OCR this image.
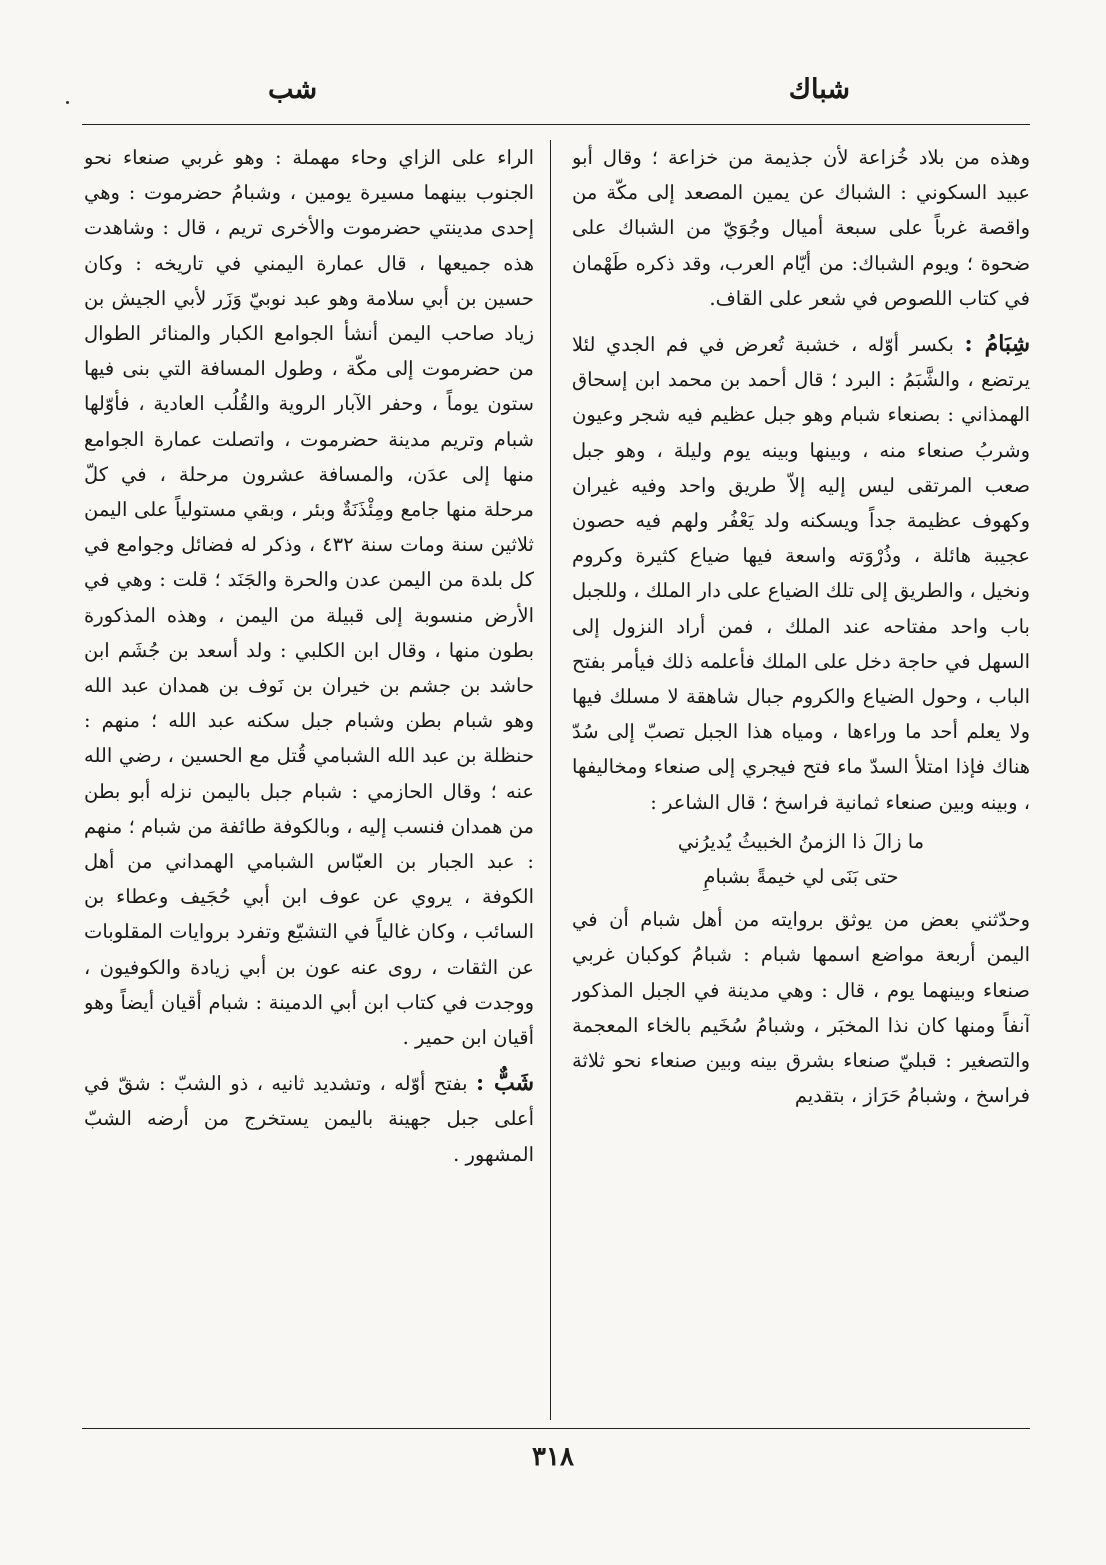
شباك
شب

وهذه من بلاد خُزاعة لأن جذيمة من خزاعة ؛ وقال أبو عبيد السكوني : الشباك عن يمين المصعد إلى مكّة من واقصة غرباً على سبعة أميال وجُوَيّ من الشباك على ضحوة ؛ ويوم الشباك: من أيّام العرب، وقد ذكره طَهْمان في كتاب اللصوص في شعر على القاف.

شِبَامُ : بكسر أوّله ، خشبة تُعرض في فم الجدي لئلا يرتضع ، والشَّبَمُ : البرد ؛ قال أحمد بن محمد ابن إسحاق الهمذاني : بصنعاء شبام وهو جبل عظيم فيه شجر وعيون وشربُ صنعاء منه ، وبينها وبينه يوم وليلة ، وهو جبل صعب المرتقى ليس إليه إلاّ طريق واحد وفيه غيران وكهوف عظيمة جداً ويسكنه ولد يَعْفُر ولهم فيه حصون عجيبة هائلة ، وذُرْوَته واسعة فيها ضياع كثيرة وكروم ونخيل ، والطريق إلى تلك الضياع على دار الملك ، وللجبل باب واحد مفتاحه عند الملك ، فمن أراد النزول إلى السهل في حاجة دخل على الملك فأعلمه ذلك فيأمر بفتح الباب ، وحول الضياع والكروم جبال شاهقة لا مسلك فيها ولا يعلم أحد ما وراءها ، ومياه هذا الجبل تصبّ إلى سُدّ هناك فإذا امتلأ السدّ ماء فتح فيجري إلى صنعاء ومخاليفها ، وبينه وبين صنعاء ثمانية فراسخ ؛ قال الشاعر :

ما زالَ ذا الزمنُ الخبيثُ يُديرُني
حتى بَنَى لي خيمةً بشبامِ

وحدّثني بعض من يوثق بروايته من أهل شبام أن في اليمن أربعة مواضع اسمها شبام : شبامُ كوكبان غربي صنعاء وبينهما يوم ، قال : وهي مدينة في الجبل المذكور آنفاً ومنها كان نذا المخبَر ، وشبامُ سُخَيم بالخاء المعجمة والتصغير : قبليّ صنعاء بشرق بينه وبين صنعاء نحو ثلاثة فراسخ ، وشبامُ حَرَاز ، بتقديم

الراء على الزاي وحاء مهملة : وهو غربي صنعاء نحو الجنوب بينهما مسيرة يومين ، وشبامُ حضرموت : وهي إحدى مدينتي حضرموت والأخرى تريم ، قال : وشاهدت هذه جميعها ، قال عمارة اليمني في تاريخه : وكان حسين بن أبي سلامة وهو عبد نوبيّ وَزَر لأبي الجيش بن زياد صاحب اليمن أنشأ الجوامع الكبار والمنائر الطوال من حضرموت إلى مكّة ، وطول المسافة التي بنى فيها ستون يوماً ، وحفر الآبار الروية والقُلُب العادية ، فأوّلها شبام وتريم مدينة حضرموت ، واتصلت عمارة الجوامع منها إلى عدَن، والمسافة عشرون مرحلة ، في كلّ مرحلة منها جامع ومِئْذَنَةٌ وبئر ، وبقي مستولياً على اليمن ثلاثين سنة ومات سنة ٤٣٢ ، وذكر له فضائل وجوامع في كل بلدة من اليمن عدن والحرة والجَنَد ؛ قلت : وهي في الأرض منسوبة إلى قبيلة من اليمن ، وهذه المذكورة بطون منها ، وقال ابن الكلبي : ولد أسعد بن جُشَم ابن حاشد بن جشم بن خيران بن نَوف بن همدان عبد الله وهو شبام بطن وشبام جبل سكنه عبد الله ؛ منهم : حنظلة بن عبد الله الشبامي قُتل مع الحسين ، رضي الله عنه ؛ وقال الحازمي : شبام جبل باليمن نزله أبو بطن من همدان فنسب إليه ، وبالكوفة طائفة من شبام ؛ منهم : عبد الجبار بن العبّاس الشبامي الهمداني من أهل الكوفة ، يروي عن عوف ابن أبي حُجَيف وعطاء بن السائب ، وكان غالياً في التشيّع وتفرد بروايات المقلوبات عن الثقات ، روى عنه عون بن أبي زيادة والكوفيون ، ووجدت في كتاب ابن أبي الدمينة : شبام أقيان أيضاً وهو أقيان ابن حمير .

شَبٌّ : بفتح أوّله ، وتشديد ثانيه ، ذو الشبّ : شقّ في أعلى جبل جهينة باليمن يستخرج من أرضه الشبّ المشهور .

٣١٨
